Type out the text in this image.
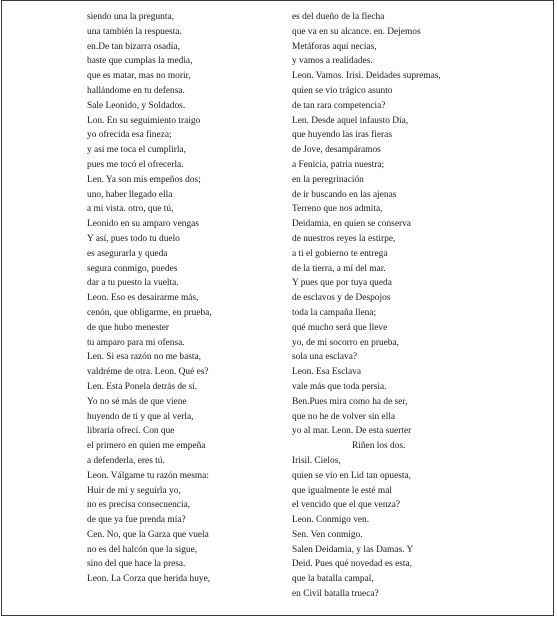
siendo una la pregunta,
una también la respuesta.
en.De tan bizarra osadía,
baste que cumplas la media,
que es matar, mas no morir,
hallándome en tu defensa.
Sale Leonido, y Soldados.
Lon. En su seguimiento traigo
yo ofrecida esa fineza;
y así me toca el cumplirla,
pues me tocó el ofrecerla.
Len. Ya son mis empeños dos;
uno, haber llegado ella
a mi vista. otro, que tú,
Leonido en su amparo vengas
Y así, pues todo tu duelo
es asegurarla y queda
segura conmigo, puedes
dar a tu puesto la vuelta.
Leon. Eso es desairarme más,
cenón, que obligarme, en prueba,
de que hubo menester
tu amparo para mi ofensa.
Len. Si esa razón no me basta,
valdréme de otra. Leon. Qué es?
Len. Esta Ponela detrás de sí.
Yo no sé más de que viene
huyendo de ti y que al verla,
libraria ofrecí. Con que
el primero en quien me empeña
a defenderla, eres tú.
Leon. Válgame tu razón mesma:
Huir de mí y seguirla yo,
no es precisa consecuencia,
de que ya fue prenda mía?
Cen. No, que la Garza que vuela
no es del halcón que la sigue,
sino del que hace la presa.
Leon. La Corza que herida huye,
es del dueño de la flecha
que va en su alcance. en. Dejemos
Metáforas aquí necias,
y vamos a realidades.
Leon. Vamos. Irisi. Deidades supremas,
quien se vio trágico asunto
de tan rara competencia?
Len. Desde aquel infausto Día,
que huyendo las iras fieras
de Jove, desampáramos
a Fenicia, patria nuestra;
en la peregrinación
de ir buscando en las ajenas
Terreno que nos admita,
Deidamia, en quien se conserva
de nuestros reyes la estirpe,
a ti el gobierno te entrega
de la tierra, a mí del mar.
Y pues que por tuya queda
de esclavos y de Despojos
toda la campaña llena;
qué mucho será que lleve
yo, de mi socorro en prueba,
sola una esclava?
Leon. Esa Esclava
vale más que toda persia.
Ben.Pues mira como ha de ser,
que no he de volver sin ella
yo al mar. Leon. De esta suerter
Riñen los dos.
Irisil. Cielos,
quien se vio en Lid tan opuesta,
que igualmente le esté mal
el vencido que el que venza?
Leon. Conmigo ven.
Sen. Ven conmigo.
Salen Deidamia, y las Damas. Y
Deid. Pues qué novedad es esta,
que la batalla campal,
en Civil batalla trueca?
